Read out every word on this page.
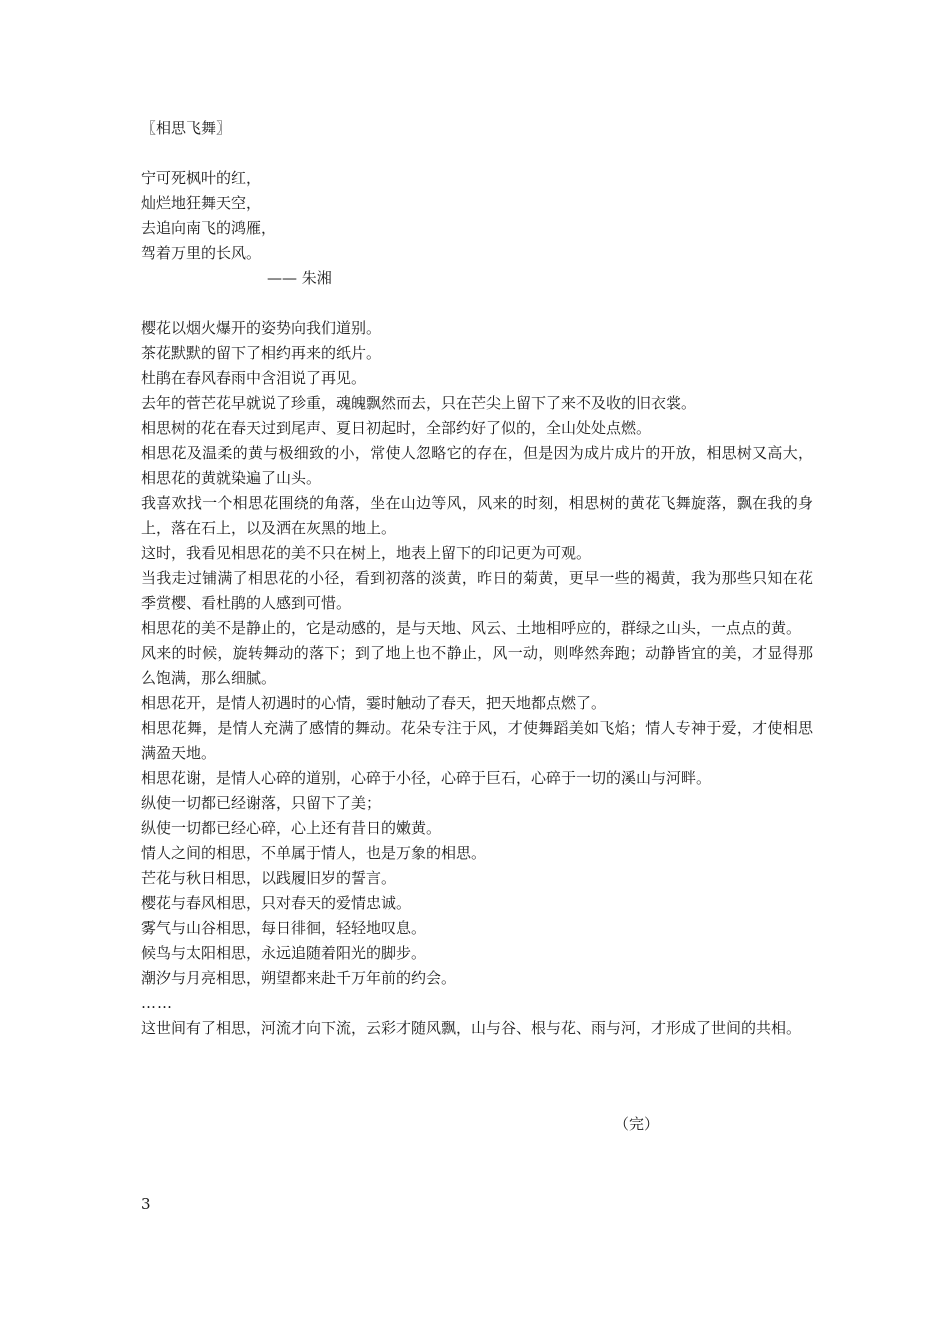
〖相思飞舞〗
宁可死枫叶的红，
灿烂地狂舞天空，
去追向南飞的鸿雁，
驾着万里的长风。
—— 朱湘

樱花以烟火爆开的姿势向我们道别。

茶花默默的留下了相约再来的纸片。

杜鹃在春风春雨中含泪说了再见。

去年的菅芒花早就说了珍重，魂魄飘然而去，只在芒尖上留下了来不及收的旧衣裳。

相思树的花在春天过到尾声、夏日初起时，全部约好了似的，全山处处点燃。

相思花及温柔的黄与极细致的小，常使人忽略它的存在，但是因为成片成片的开放，相思树又高大，相思花的黄就染遍了山头。

我喜欢找一个相思花围绕的角落，坐在山边等风，风来的时刻，相思树的黄花飞舞旋落，飘在我的身上，落在石上，以及洒在灰黑的地上。

这时，我看见相思花的美不只在树上，地表上留下的印记更为可观。

当我走过铺满了相思花的小径，看到初落的淡黄，昨日的菊黄，更早一些的褐黄，我为那些只知在花季赏樱、看杜鹃的人感到可惜。

相思花的美不是静止的，它是动感的，是与天地、风云、土地相呼应的，群绿之山头，一点点的黄。

风来的时候，旋转舞动的落下；到了地上也不静止，风一动，则哗然奔跑；动静皆宜的美，才显得那么饱满，那么细腻。

相思花开，是情人初遇时的心情，霎时触动了春天，把天地都点燃了。

相思花舞，是情人充满了感情的舞动。花朵专注于风，才使舞蹈美如飞焰；情人专神于爱，才使相思满盈天地。

相思花谢，是情人心碎的道别，心碎于小径，心碎于巨石，心碎于一切的溪山与河畔。

纵使一切都已经谢落，只留下了美；

纵使一切都已经心碎，心上还有昔日的嫩黄。

情人之间的相思，不单属于情人，也是万象的相思。

芒花与秋日相思，以践履旧岁的誓言。

樱花与春风相思，只对春天的爱情忠诚。

雾气与山谷相思，每日徘徊，轻轻地叹息。

候鸟与太阳相思，永远追随着阳光的脚步。

潮汐与月亮相思，朔望都来赴千万年前的约会。

……

这世间有了相思，河流才向下流，云彩才随风飘，山与谷、根与花、雨与河，才形成了世间的共相。

（完）
3
